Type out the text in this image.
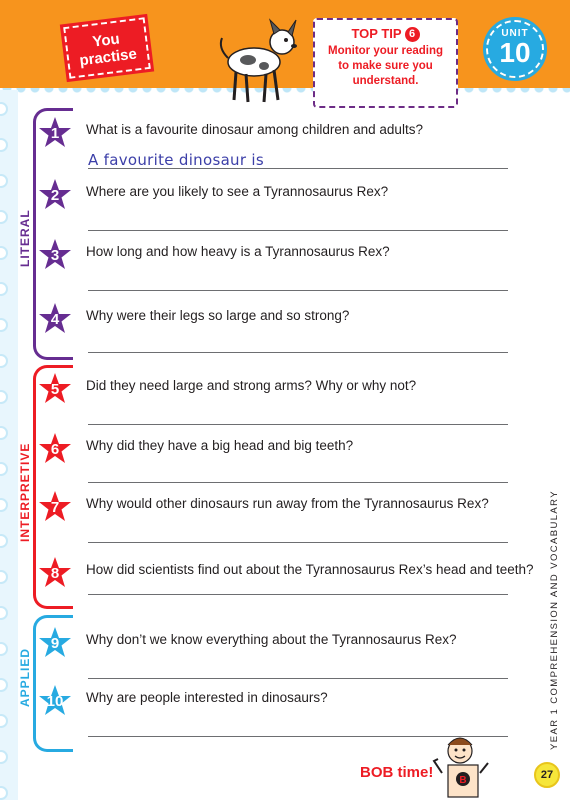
You
practise
TOP TIP 6
Monitor your reading to make sure you understand.
UNIT
10
LITERAL
INTERPRETIVE
APPLIED
1	What is a favourite dinosaur among children and adults?
2	Where are you likely to see a Tyrannosaurus Rex?
3	How long and how heavy is a Tyrannosaurus Rex?
4	Why were their legs so large and so strong?
5	Did they need large and strong arms? Why or why not?
6	Why did they have a big head and big teeth?
7	Why would other dinosaurs run away from the Tyrannosaurus Rex?
8	How did scientists find out about the Tyrannosaurus Rex’s head and teeth?
9	Why don’t we know everything about the Tyrannosaurus Rex?
10	Why are people interested in dinosaurs?
A favourite dinosaur is
YEAR 1 COMPREHENSION AND VOCABULARY
BOB time!	B	27
